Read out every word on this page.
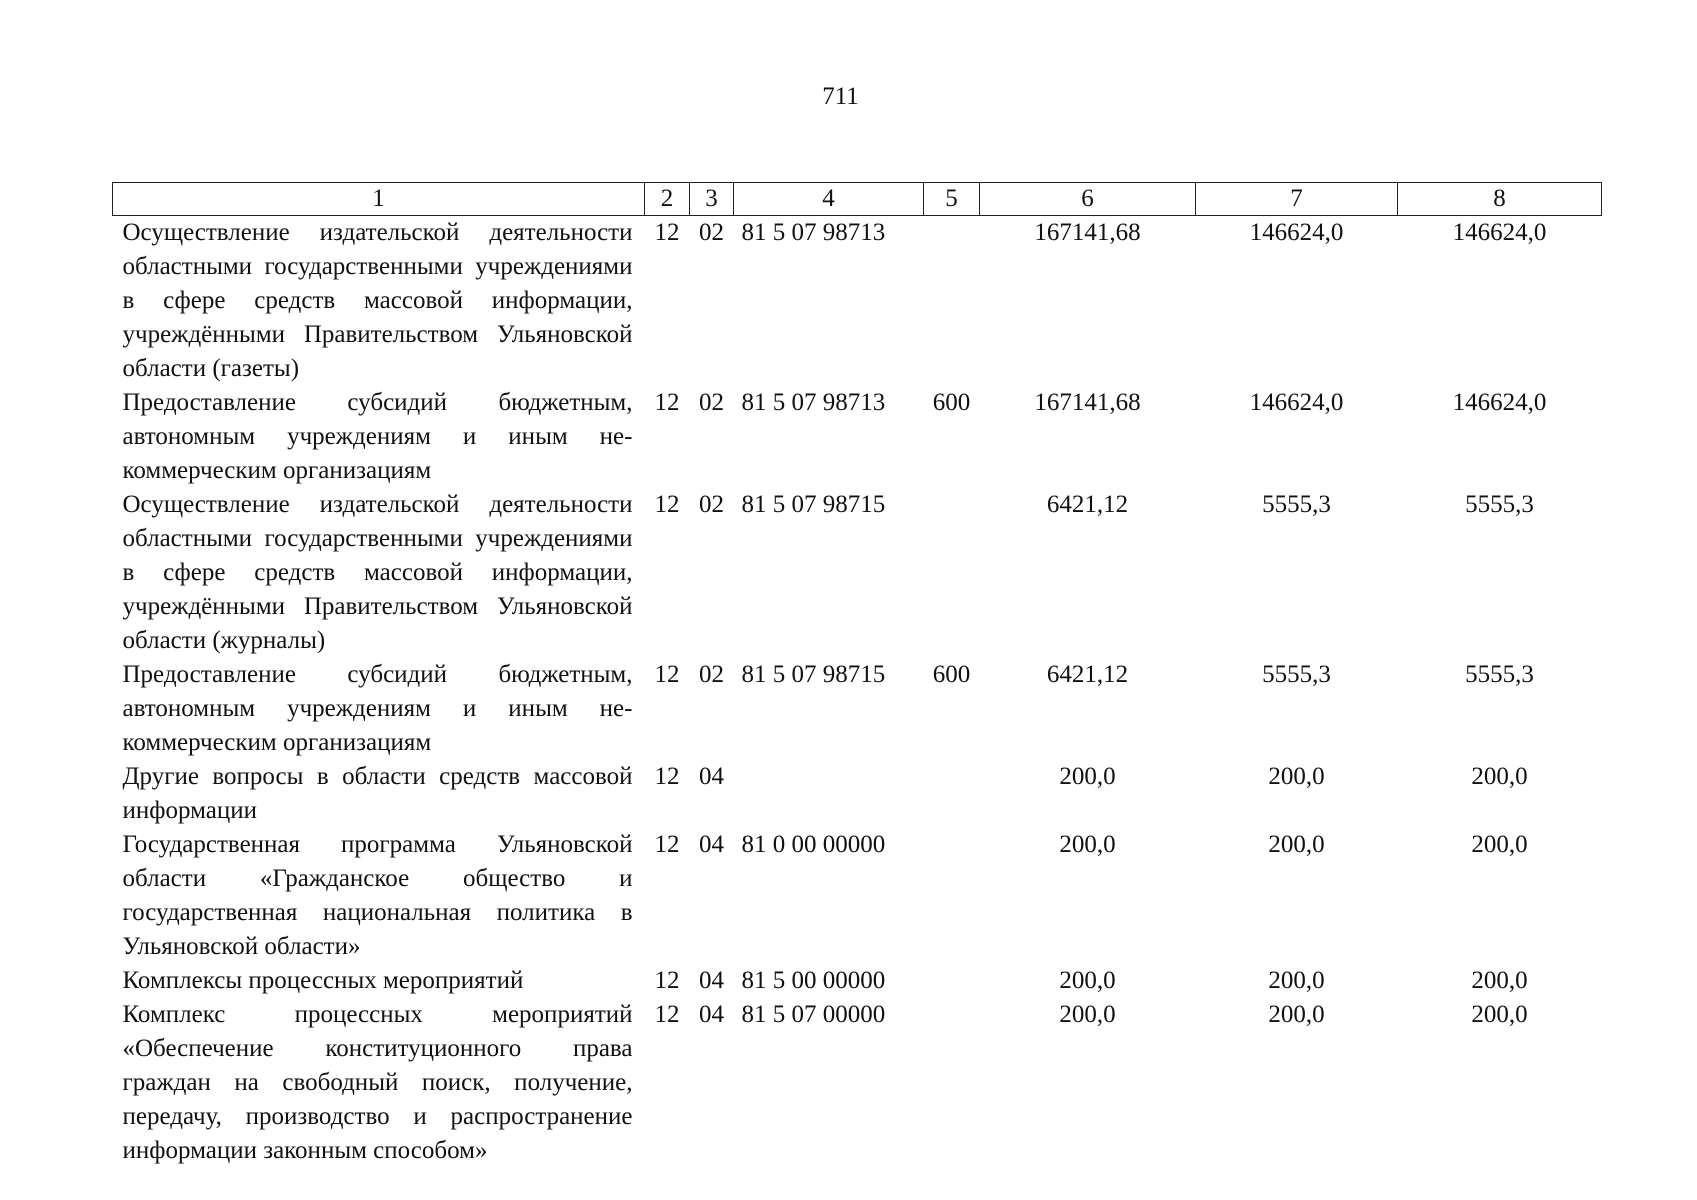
711
1	2	3	4	5	6	7	8
Осуществление издательской деятельности областными государственными учреждениями в сфере средств массовой информации, учреждёнными Правительством Ульяновской области (газеты)	12	02	81 5 07 98713		167141,68	146624,0	146624,0
Предоставление субсидий бюджетным, автономным учреждениям и иным некоммерческим организациям	12	02	81 5 07 98713	600	167141,68	146624,0	146624,0
Осуществление издательской деятельности областными государственными учреждениями в сфере средств массовой информации, учреждёнными Правительством Ульяновской области (журналы)	12	02	81 5 07 98715		6421,12	5555,3	5555,3
Предоставление субсидий бюджетным, автономным учреждениям и иным некоммерческим организациям	12	02	81 5 07 98715	600	6421,12	5555,3	5555,3
Другие вопросы в области средств массовой информации	12	04			200,0	200,0	200,0
Государственная программа Ульяновской области «Гражданское общество и государственная национальная политика в Ульяновской области»	12	04	81 0 00 00000		200,0	200,0	200,0
Комплексы процессных мероприятий	12	04	81 5 00 00000		200,0	200,0	200,0
Комплекс процессных мероприятий «Обеспечение конституционного права граждан на свободный поиск, получение, передачу, производство и распространение информации законным способом»	12	04	81 5 07 00000		200,0	200,0	200,0
